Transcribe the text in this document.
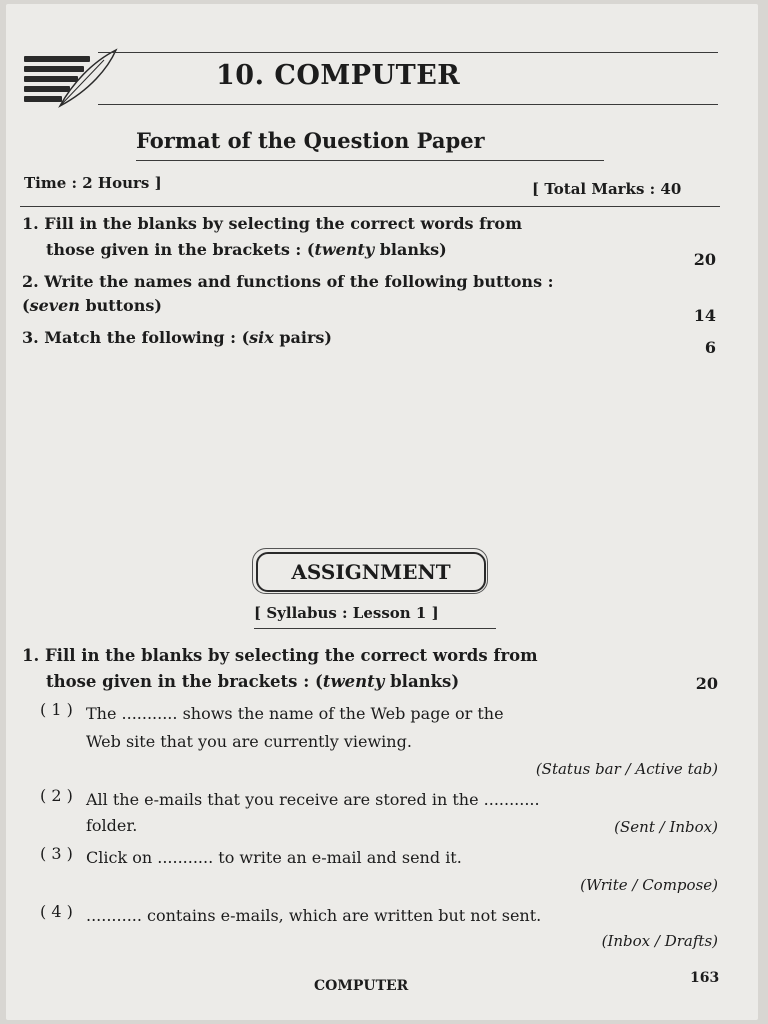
10. COMPUTER
Format of the Question Paper
Time : 2 Hours ]	[ Total Marks : 40
1. Fill in the blanks by selecting the correct words from
those given in the brackets : (twenty blanks)
20
2. Write the names and functions of the following buttons :
(seven buttons)
14
3. Match the following : (six pairs)
6
ASSIGNMENT
[ Syllabus : Lesson 1 ]
1. Fill in the blanks by selecting the correct words from
those given in the brackets : (twenty blanks)	20
( 1 ) The ........... shows the name of the Web page or the
Web site that you are currently viewing.
(Status bar / Active tab)
( 2 ) All the e-mails that you receive are stored in the ...........
folder.	(Sent / Inbox)
( 3 ) Click on ........... to write an e-mail and send it.
(Write / Compose)
( 4 ) ........... contains e-mails, which are written but not sent.
(Inbox / Drafts)
COMPUTER	163
